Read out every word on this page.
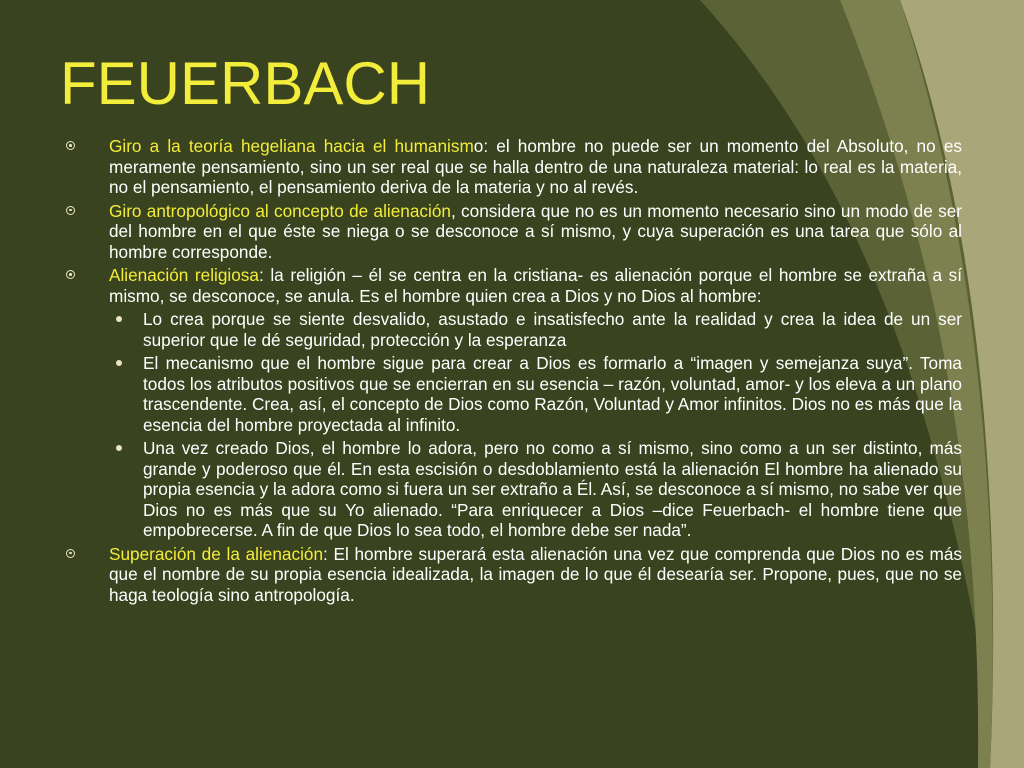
FEUERBACH
Giro a la teoría hegeliana hacia el humanismo: el hombre no puede ser un momento del Absoluto, no es meramente pensamiento, sino un ser real que se halla dentro de una naturaleza material: lo real es la materia, no el pensamiento, el pensamiento deriva de la materia y no al revés.
Giro antropológico al concepto de alienación, considera que no es un momento necesario sino un modo de ser del hombre en el que éste se niega o se desconoce a sí mismo, y cuya superación es una tarea que sólo al hombre corresponde.
Alienación religiosa: la religión – él se centra en la cristiana- es alienación porque el hombre se extraña a sí mismo, se desconoce, se anula. Es el hombre quien crea a Dios y no Dios al hombre:
Lo crea porque se siente desvalido, asustado e insatisfecho ante la realidad y crea la idea de un ser superior que le dé seguridad, protección y la esperanza
El mecanismo que el hombre sigue para crear a Dios es formarlo a “imagen y semejanza suya”. Toma todos los atributos positivos que se encierran en su esencia – razón, voluntad, amor- y los eleva a un plano trascendente. Crea, así, el concepto de Dios como Razón, Voluntad y Amor infinitos. Dios no es más que la esencia del hombre proyectada al infinito.
Una vez creado Dios, el hombre lo adora, pero no como a sí mismo, sino como a un ser distinto, más grande y poderoso que él. En esta escisión o desdoblamiento está la alienación El hombre ha alienado su propia esencia y la adora como si fuera un ser extraño a Él. Así, se desconoce a sí mismo, no sabe ver que Dios no es más que su Yo alienado. “Para enriquecer a Dios –dice Feuerbach- el hombre tiene que empobrecerse. A fin de que Dios lo sea todo, el hombre debe ser nada”.
Superación de la alienación: El hombre superará esta alienación una vez que comprenda que Dios no es más que el nombre de su propia esencia idealizada, la imagen de lo que él desearía ser. Propone, pues, que no se haga teología sino antropología.
